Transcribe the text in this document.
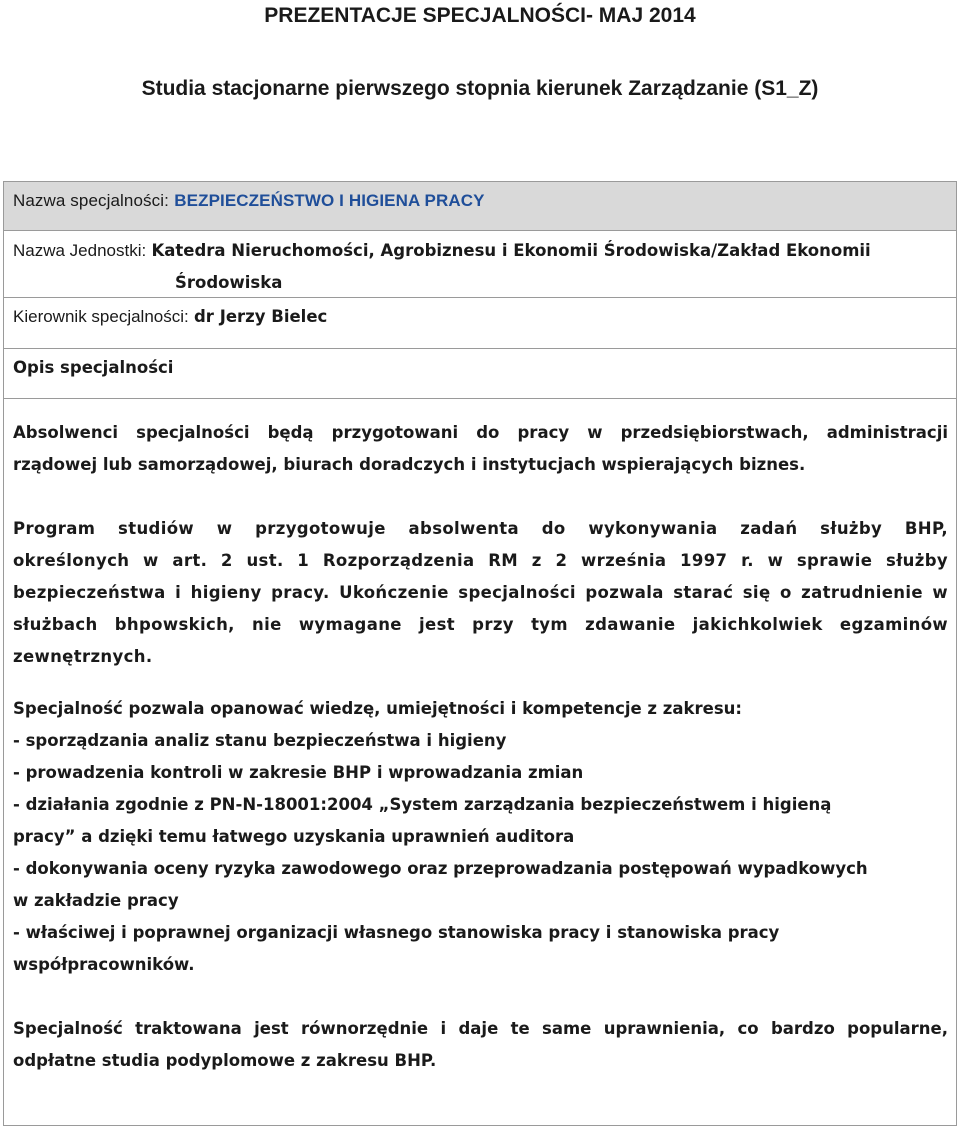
PREZENTACJE SPECJALNOŚCI- MAJ 2014
Studia stacjonarne pierwszego stopnia kierunek Zarządzanie (S1_Z)
Nazwa specjalności: BEZPIECZEŃSTWO I HIGIENA PRACY
Nazwa Jednostki: Katedra Nieruchomości, Agrobiznesu i Ekonomii Środowiska/Zakład Ekonomii
Środowiska
Kierownik specjalności: dr Jerzy Bielec
Opis specjalności
Absolwenci specjalności będą przygotowani do pracy w przedsiębiorstwach, administracji
rządowej lub samorządowej, biurach doradczych i instytucjach wspierających biznes.
Program studiów w przygotowuje absolwenta do wykonywania zadań służby BHP,
określonych w art. 2 ust. 1 Rozporządzenia RM z 2 września 1997 r. w sprawie służby
bezpieczeństwa i higieny pracy. Ukończenie specjalności pozwala starać się o zatrudnienie w
służbach bhpowskich, nie wymagane jest przy tym zdawanie jakichkolwiek egzaminów
zewnętrznych.
Specjalność pozwala opanować wiedzę, umiejętności i kompetencje z zakresu:
- sporządzania analiz stanu bezpieczeństwa i higieny
- prowadzenia kontroli w zakresie BHP i wprowadzania zmian
- działania zgodnie z PN-N-18001:2004 „System zarządzania bezpieczeństwem i higieną
pracy” a dzięki temu łatwego uzyskania uprawnień auditora
- dokonywania oceny ryzyka zawodowego oraz przeprowadzania postępowań wypadkowych
w zakładzie pracy
- właściwej i poprawnej organizacji własnego stanowiska pracy i stanowiska pracy
współpracowników.
Specjalność traktowana jest równorzędnie i daje te same uprawnienia, co bardzo popularne,
odpłatne studia podyplomowe z zakresu BHP.
